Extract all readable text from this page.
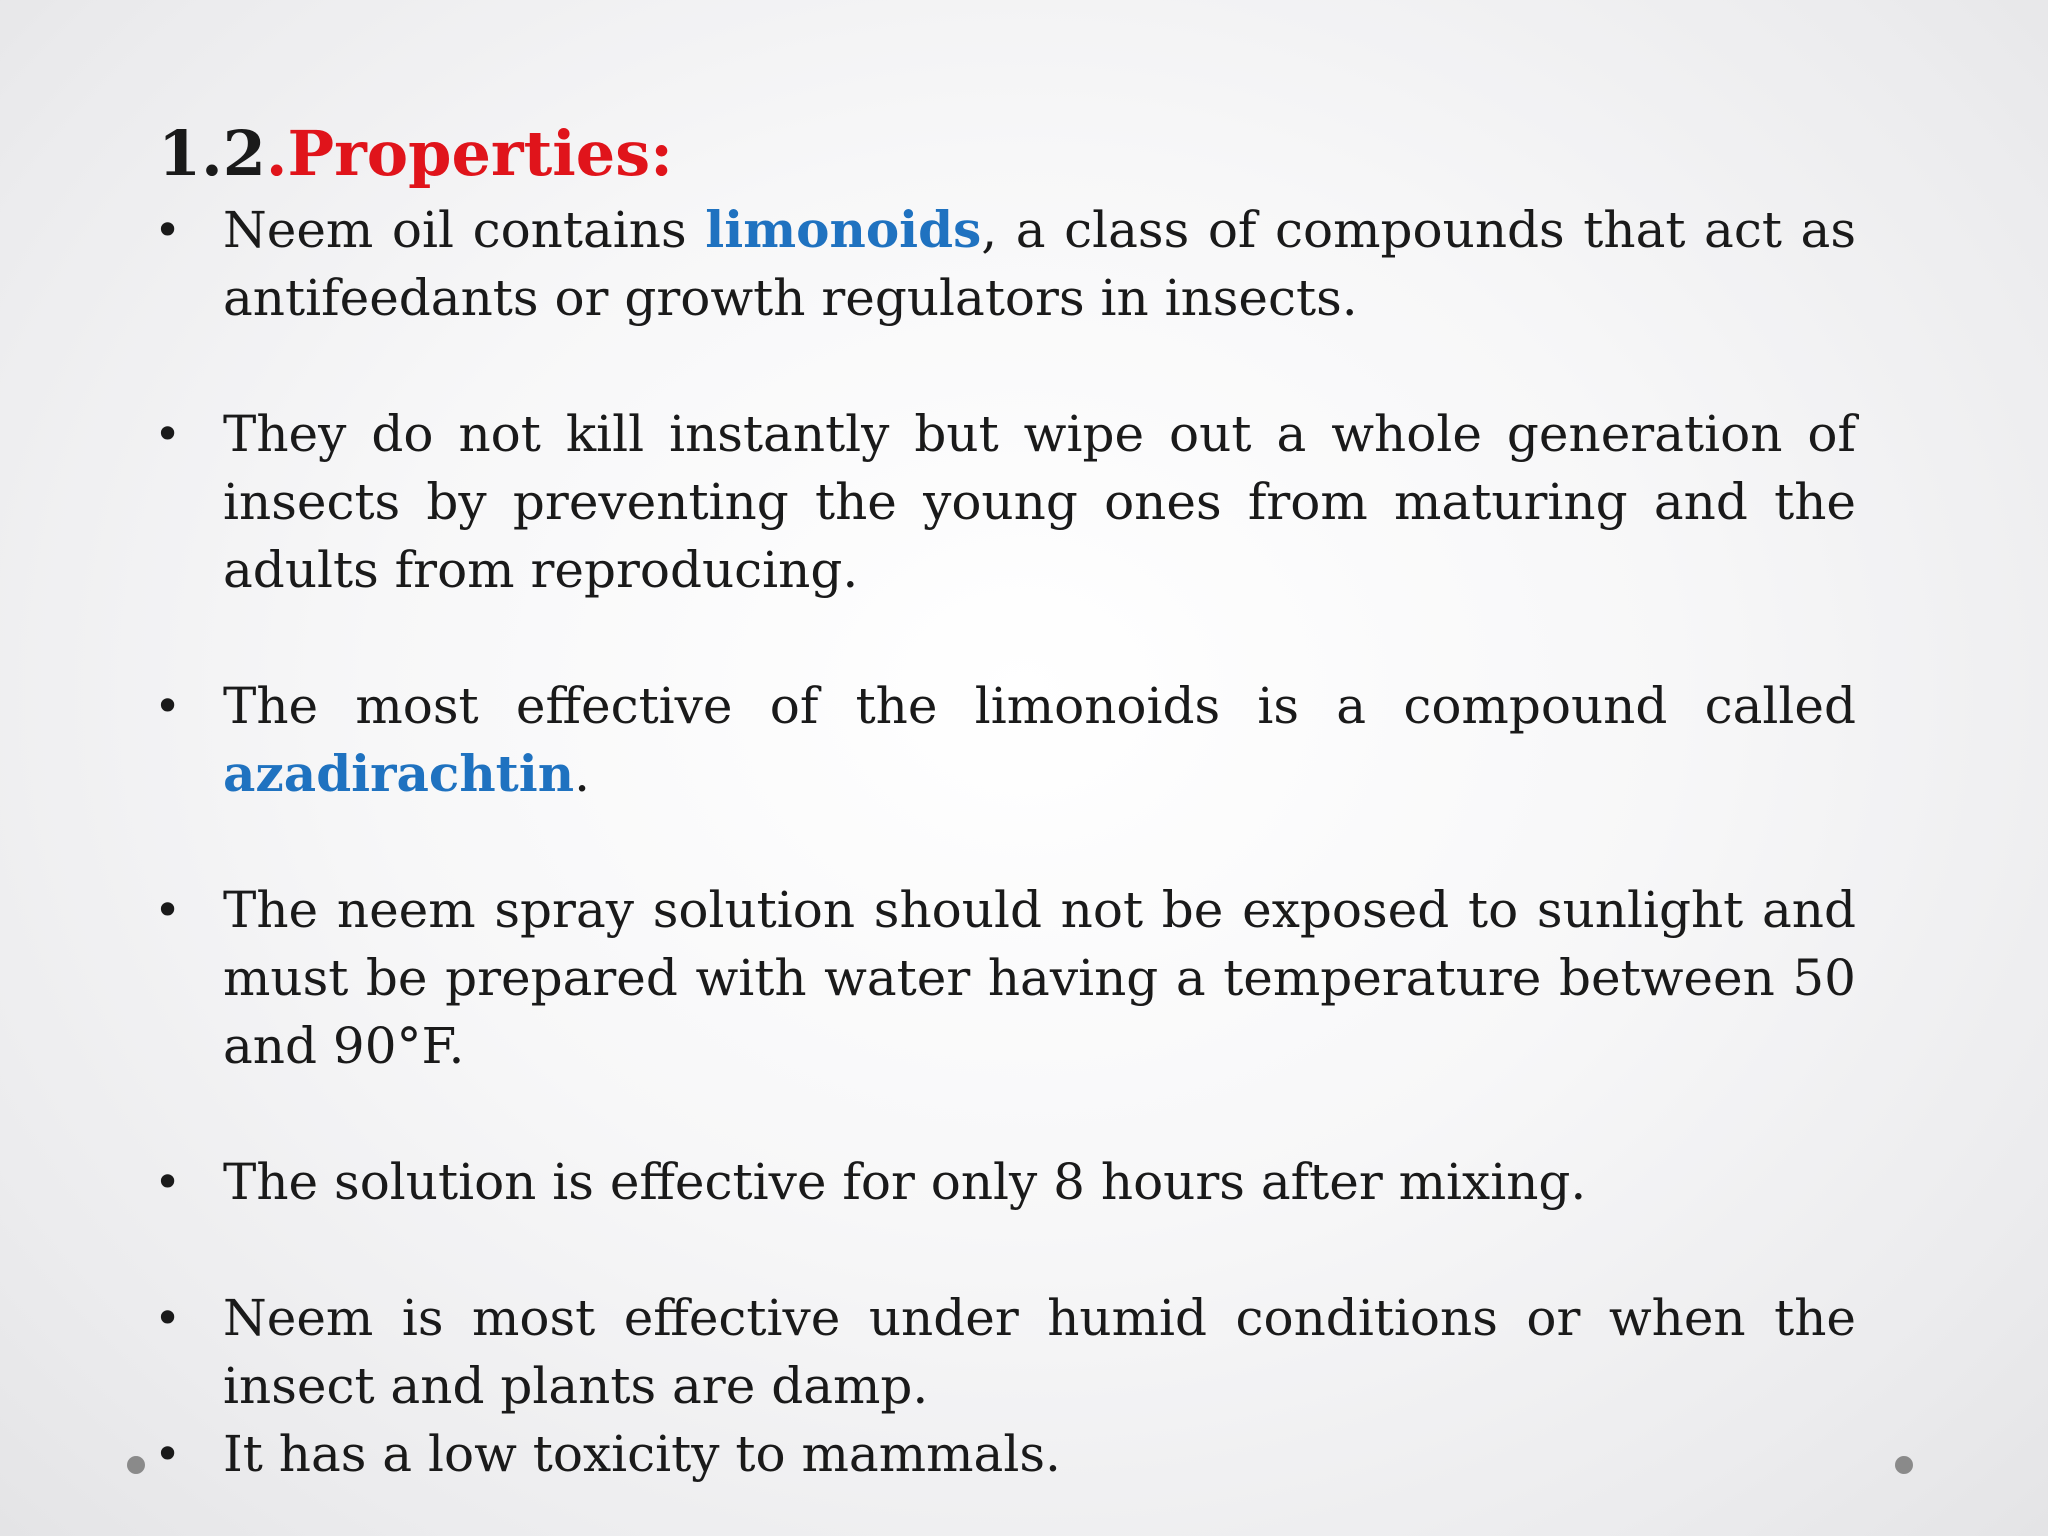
1.2.Properties:
• Neem oil contains limonoids, a class of compounds that act as antifeedants or growth regulators in insects.
• They do not kill instantly but wipe out a whole generation of insects by preventing the young ones from maturing and the adults from reproducing.
• The most effective of the limonoids is a compound called azadirachtin.
• The neem spray solution should not be exposed to sunlight and must be prepared with water having a temperature between 50 and 90°F.
• The solution is effective for only 8 hours after mixing.
• Neem is most effective under humid conditions or when the insect and plants are damp.
• It has a low toxicity to mammals.
